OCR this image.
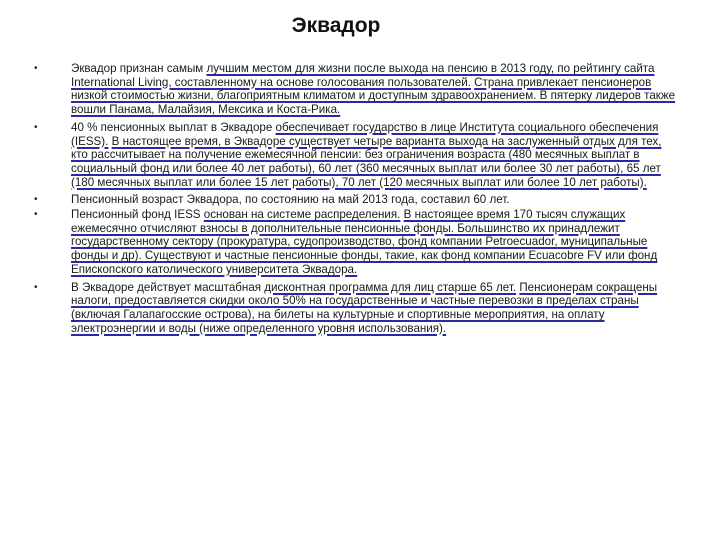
Эквадор
•	Эквадор признан самым лучшим местом для жизни после выхода на пенсию в 2013 году, по рейтингу сайта International Living, составленному на основе голосования пользователей. Страна привлекает пенсионеров низкой стоимостью жизни, благоприятным климатом и доступным здравоохранением. В пятерку лидеров также вошли Панама, Малайзия, Мексика и Коста-Рика.
•	40 % пенсионных выплат в Эквадоре обеспечивает государство в лице Института социального обеспечения (IESS). В настоящее время, в Эквадоре существует четыре варианта выхода на заслуженный отдых для тех, кто рассчитывает на получение ежемесячной пенсии: без ограничения возраста (480 месячных выплат в социальный фонд или более 40 лет работы), 60 лет (360 месячных выплат или более 30 лет работы), 65 лет (180 месячных выплат или более 15 лет работы), 70 лет (120 месячных выплат или более 10 лет работы).
•	Пенсионный возраст Эквадора, по состоянию на май 2013 года, составил 60 лет.
•	Пенсионный фонд IESS основан на системе распределения. В настоящее время 170 тысяч служащих ежемесячно отчисляют взносы в дополнительные пенсионные фонды. Большинство их принадлежит государственному сектору (прокуратура, судопроизводство, фонд компании Petroecuador, муниципальные фонды и др). Существуют и частные пенсионные фонды, такие, как фонд компании Ecuacobre FV или фонд Епископского католического университета Эквадора.
•	В Эквадоре действует масштабная дисконтная программа для лиц старше 65 лет. Пенсионерам сокращены налоги, предоставляется скидки около 50% на государственные и частные перевозки в пределах страны (включая Галапагосские острова), на билеты на культурные и спортивные мероприятия, на оплату электроэнергии и воды (ниже определенного уровня использования).
